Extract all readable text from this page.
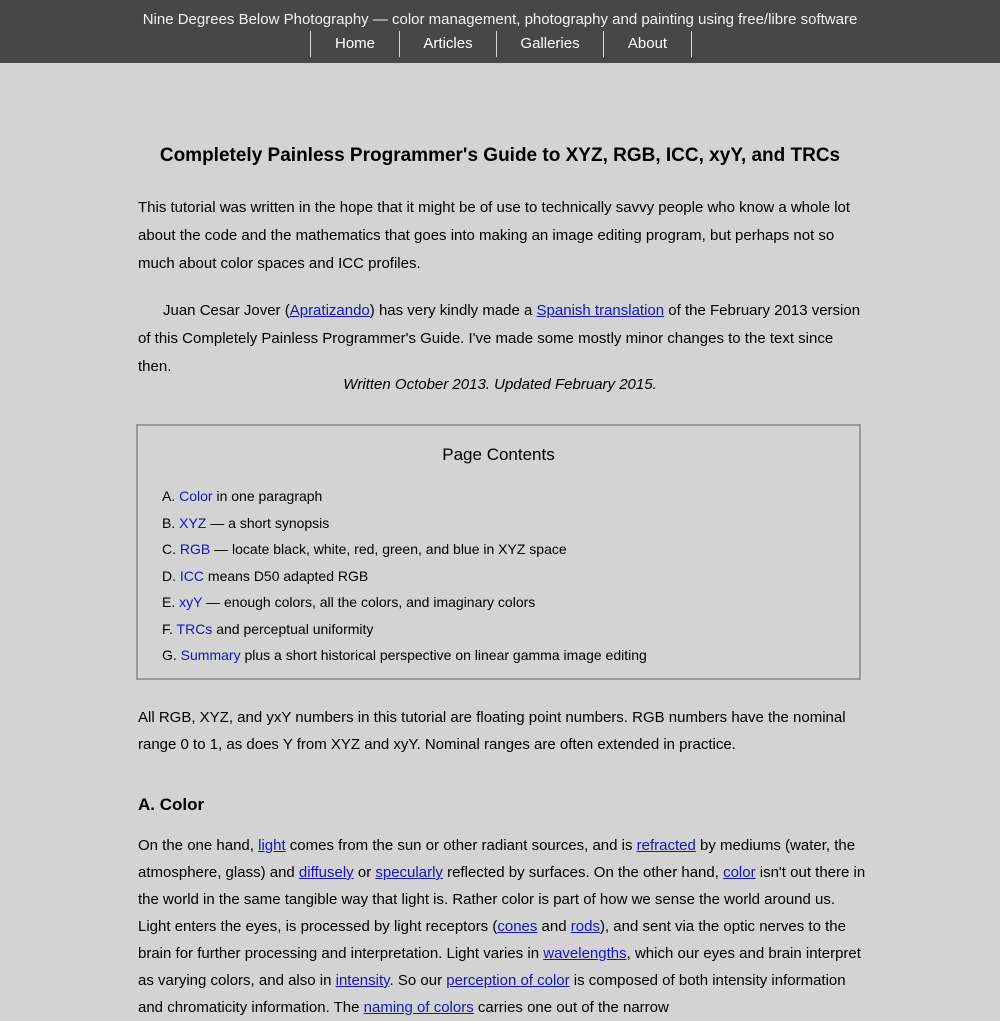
Nine Degrees Below Photography — color management, photography and painting using free/libre software
Home	Articles	Galleries	About
Completely Painless Programmer's Guide to XYZ, RGB, ICC, xyY, and TRCs

This tutorial was written in the hope that it might be of use to technically savvy people who know a whole lot about the code and the mathematics that goes into making an image editing program, but perhaps not so much about color spaces and ICC profiles.

Juan Cesar Jover (Apratizando) has very kindly made a Spanish translation of the February 2013 version of this Completely Painless Programmer's Guide. I've made some mostly minor changes to the text since then.

Written October 2013. Updated February 2015.

Page Contents
A. Color in one paragraph
B. XYZ — a short synopsis
C. RGB — locate black, white, red, green, and blue in XYZ space
D. ICC means D50 adapted RGB
E. xyY — enough colors, all the colors, and imaginary colors
F. TRCs and perceptual uniformity
G. Summary plus a short historical perspective on linear gamma image editing

All RGB, XYZ, and yxY numbers in this tutorial are floating point numbers. RGB numbers have the nominal range 0 to 1, as does Y from XYZ and xyY. Nominal ranges are often extended in practice.

A. Color

On the one hand, light comes from the sun or other radiant sources, and is refracted by mediums (water, the atmosphere, glass) and diffusely or specularly reflected by surfaces. On the other hand, color isn't out there in the world in the same tangible way that light is. Rather color is part of how we sense the world around us. Light enters the eyes, is processed by light receptors (cones and rods), and sent via the optic nerves to the brain for further processing and interpretation. Light varies in wavelengths, which our eyes and brain interpret as varying colors, and also in intensity. So our perception of color is composed of both intensity information and chromaticity information. The naming of colors carries one out of the narrow
